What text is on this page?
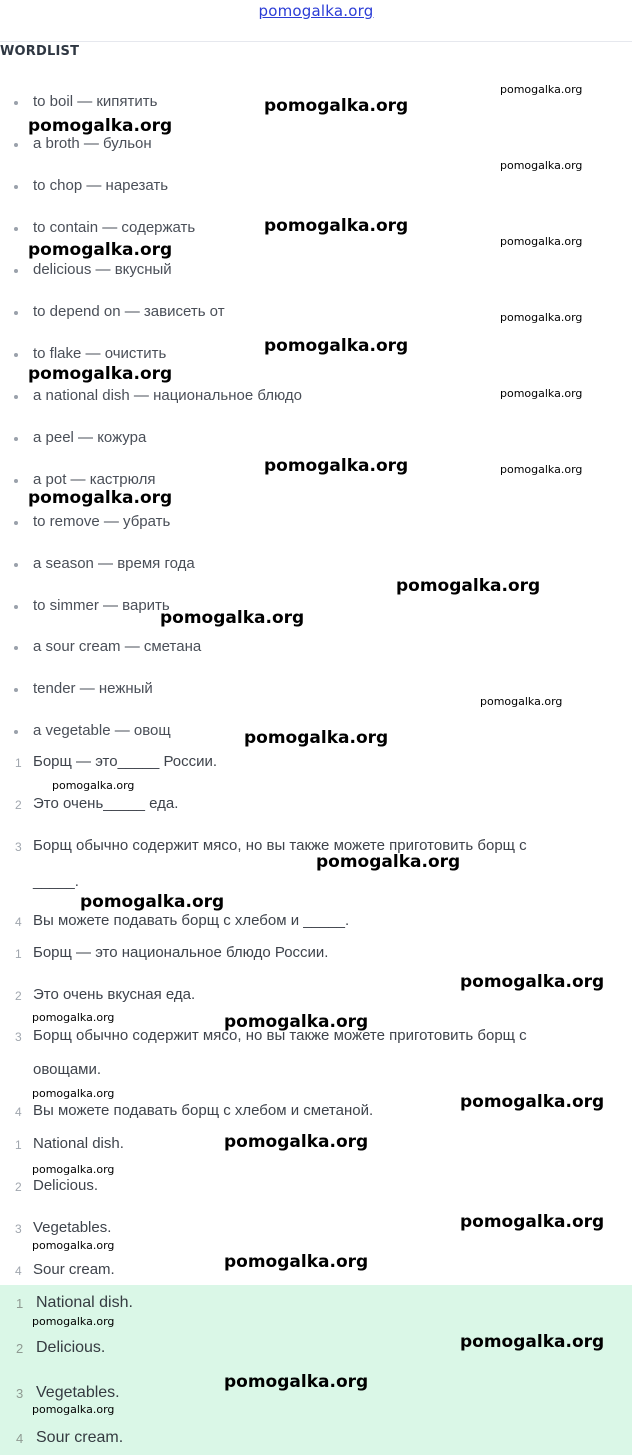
pomogalka.org
WORDLIST
to boil — кипятить
a broth — бульон
to chop — нарезать
to contain — содержать
delicious — вкусный
to depend on — зависеть от
to flake — очистить
a national dish — национальное блюдо
a peel — кожура
a pot — кастрюля
to remove — убрать
a season — время года
to simmer — варить
a sour cream — сметана
tender — нежный
a vegetable — овощ
1 Борщ — это_____ России.
2 Это очень_____ еда.
3 Борщ обычно содержит мясо, но вы также можете приготовить борщ с
_____.
4 Вы можете подавать борщ с хлебом и _____.
1 Борщ — это национальное блюдо России.
2 Это очень вкусная еда.
3 Борщ обычно содержит мясо, но вы также можете приготовить борщ с
овощами.
4 Вы можете подавать борщ с хлебом и сметаной.
1 National dish.
2 Delicious.
3 Vegetables.
4 Sour cream.
1 National dish.
2 Delicious.
3 Vegetables.
4 Sour cream.
pomogalka.org
pomogalka.org
pomogalka.org
pomogalka.org
pomogalka.org
pomogalka.org
pomogalka.org
pomogalka.org
pomogalka.org
pomogalka.org
pomogalka.org
pomogalka.org	pomogalka.org
pomogalka.org
pomogalka.org
pomogalka.org
pomogalka.org
pomogalka.org
pomogalka.org
pomogalka.org
pomogalka.org
pomogalka.org
pomogalka.org	pomogalka.org
pomogalka.org	pomogalka.org
pomogalka.org
pomogalka.org
pomogalka.org
pomogalka.org
pomogalka.org
pomogalka.org
pomogalka.org
pomogalka.org
pomogalka.org
